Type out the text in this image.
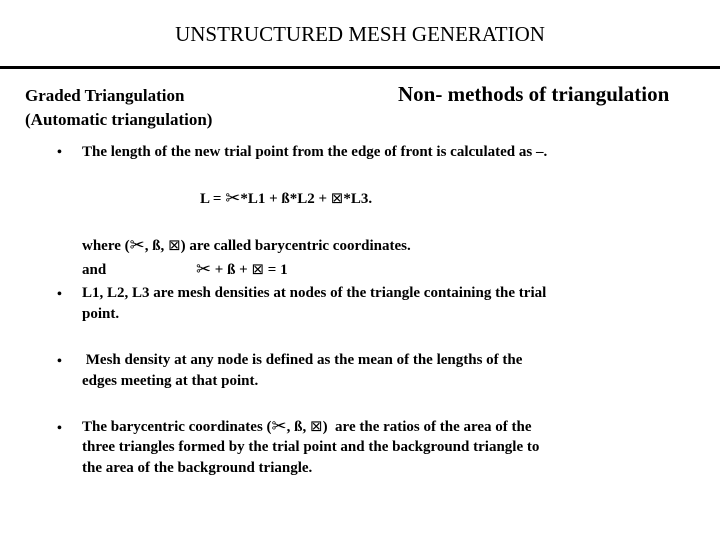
UNSTRUCTURED MESH GENERATION
Graded Triangulation
(Automatic triangulation)
Non- methods of triangulation
• The length of the new trial point from the edge of front is calculated as –.
L = ✂*L1 + ß*L2 + ⊠*L3.
where (✂, ß, ⊠) are called barycentric coordinates.
and	✂ + ß + ⊠ = 1
• L1, L2, L3 are mesh densities at nodes of the triangle containing the trial
point.
• Mesh density at any node is defined as the mean of the lengths of the
edges meeting at that point.
• The barycentric coordinates (✂, ß, ⊠)  are the ratios of the area of the
three triangles formed by the trial point and the background triangle to
the area of the background triangle.
